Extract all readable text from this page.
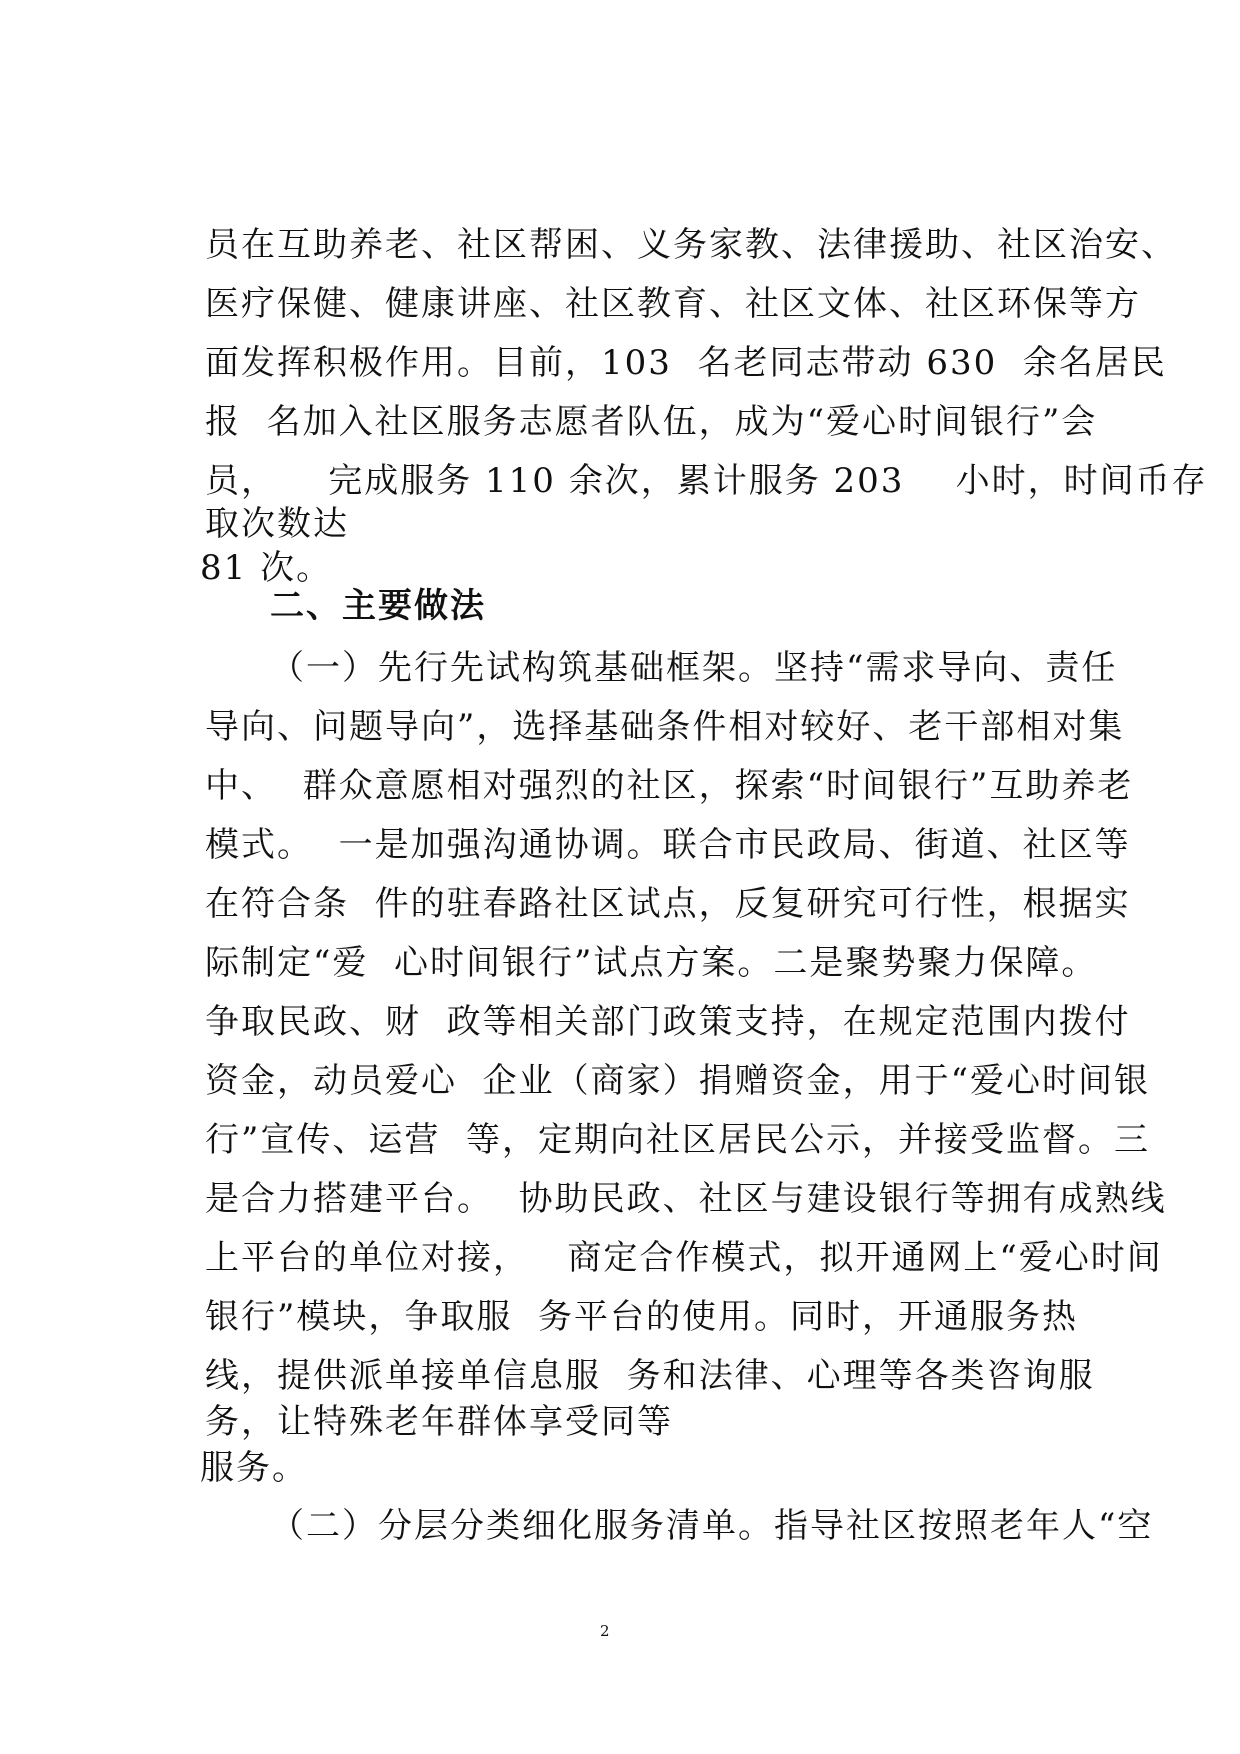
员在互助养老、社区帮困、义务家教、法律援助、社区治安、
医疗保健、健康讲座、社区教育、社区文体、社区环保等方
面发挥积极作用。目前，103  名老同志带动 630  余名居民
报  名加入社区服务志愿者队伍，成为“爱心时间银行”会
员，    完成服务 110 余次，累计服务 203    小时，时间币存
取次数达
81 次。
二、主要做法
（一）先行先试构筑基础框架。坚持“需求导向、责任
导向、问题导向”，选择基础条件相对较好、老干部相对集
中、  群众意愿相对强烈的社区，探索“时间银行”互助养老
模式。  一是加强沟通协调。联合市民政局、街道、社区等
在符合条  件的驻春路社区试点，反复研究可行性，根据实
际制定“爱  心时间银行”试点方案。二是聚势聚力保障。
争取民政、财  政等相关部门政策支持，在规定范围内拨付
资金，动员爱心  企业（商家）捐赠资金，用于“爱心时间银
行”宣传、运营  等，定期向社区居民公示，并接受监督。三
是合力搭建平台。  协助民政、社区与建设银行等拥有成熟线
上平台的单位对接，   商定合作模式，拟开通网上“爱心时间
银行”模块，争取服  务平台的使用。同时，开通服务热
线，提供派单接单信息服  务和法律、心理等各类咨询服
务，让特殊老年群体享受同等
服务。
（二）分层分类细化服务清单。指导社区按照老年人“空
2
